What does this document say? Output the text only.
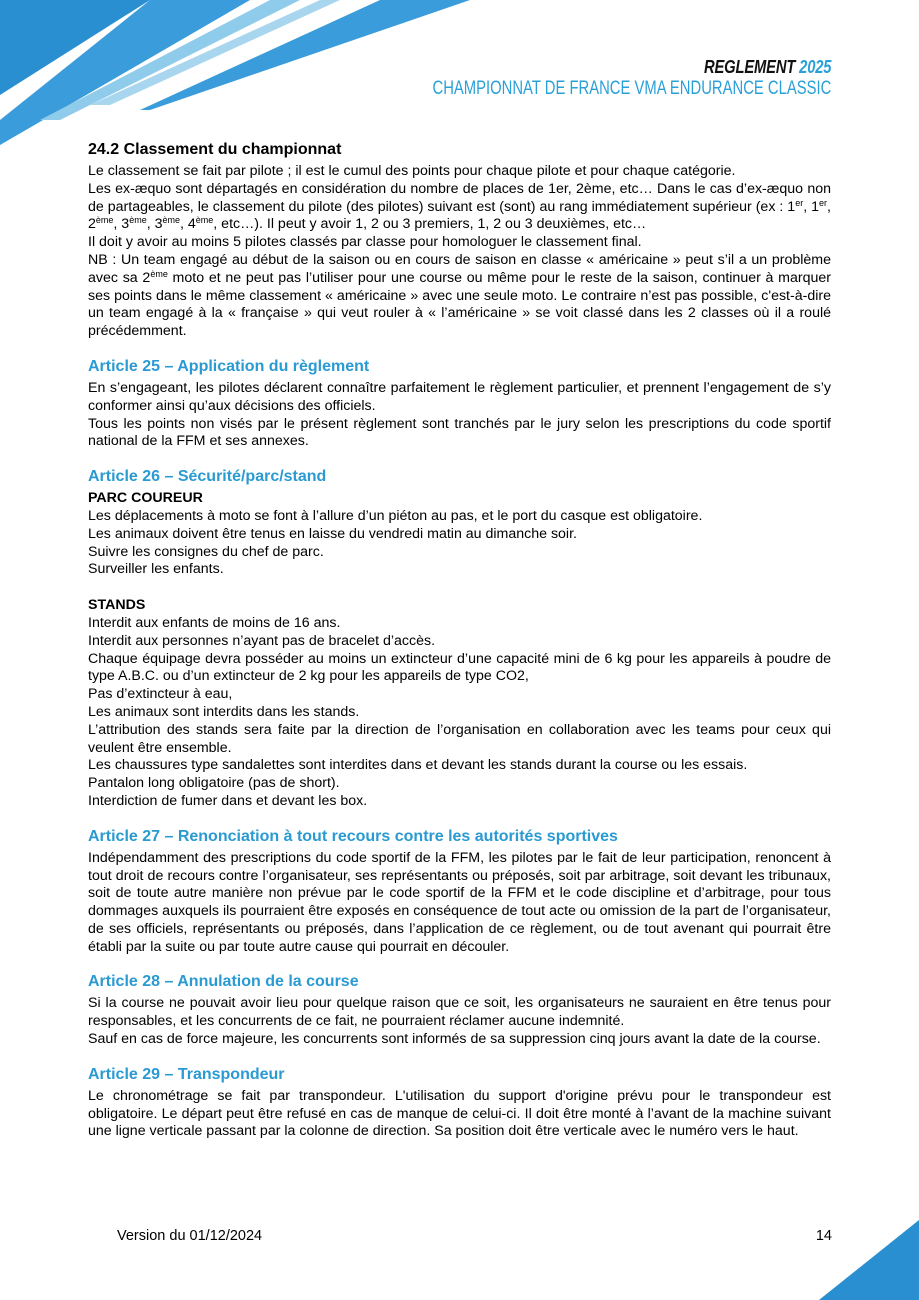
REGLEMENT 2025
CHAMPIONNAT DE FRANCE VMA ENDURANCE CLASSIC
24.2 Classement du championnat

Le classement se fait par pilote ; il est le cumul des points pour chaque pilote et pour chaque catégorie.

Les ex-æquo sont départagés en considération du nombre de places de 1er, 2ème, etc… Dans le cas d’ex-æquo non de partageables, le classement du pilote (des pilotes) suivant est (sont) au rang immédiatement supérieur (ex : 1er, 1er, 2ème, 3ème, 3ème, 4ème, etc…). Il peut y avoir 1, 2 ou 3 premiers, 1, 2 ou 3 deuxièmes, etc…

Il doit y avoir au moins 5 pilotes classés par classe pour homologuer le classement final.

NB : Un team engagé au début de la saison ou en cours de saison en classe « américaine » peut s’il a un problème avec sa 2ème moto et ne peut pas l’utiliser pour une course ou même pour le reste de la saison, continuer à marquer ses points dans le même classement « américaine » avec une seule moto. Le contraire n’est pas possible, c'est-à-dire un team engagé à la « française » qui veut rouler à « l’américaine » se voit classé dans les 2 classes où il a roulé précédemment.

Article 25 – Application du règlement

En s’engageant, les pilotes déclarent connaître parfaitement le règlement particulier, et prennent l’engagement de s’y conformer ainsi qu’aux décisions des officiels.

Tous les points non visés par le présent règlement sont tranchés par le jury selon les prescriptions du code sportif national de la FFM et ses annexes.

Article 26 – Sécurité/parc/stand

PARC COUREUR

Les déplacements à moto se font à l’allure d’un piéton au pas, et le port du casque est obligatoire.

Les animaux doivent être tenus en laisse du vendredi matin au dimanche soir.

Suivre les consignes du chef de parc.

Surveiller les enfants.

STANDS

Interdit aux enfants de moins de 16 ans.

Interdit aux personnes n’ayant pas de bracelet d’accès.

Chaque équipage devra posséder au moins un extincteur d’une capacité mini de 6 kg pour les appareils à poudre de type A.B.C. ou d’un extincteur de 2 kg pour les appareils de type CO2,

Pas d’extincteur à eau,

Les animaux sont interdits dans les stands.

L’attribution des stands sera faite par la direction de l’organisation en collaboration avec les teams pour ceux qui veulent être ensemble.

Les chaussures type sandalettes sont interdites dans et devant les stands durant la course ou les essais.

Pantalon long obligatoire (pas de short).

Interdiction de fumer dans et devant les box.

Article 27 – Renonciation à tout recours contre les autorités sportives

Indépendamment des prescriptions du code sportif de la FFM, les pilotes par le fait de leur participation, renoncent à tout droit de recours contre l’organisateur, ses représentants ou préposés, soit par arbitrage, soit devant les tribunaux, soit de toute autre manière non prévue par le code sportif de la FFM et le code discipline et d’arbitrage, pour tous dommages auxquels ils pourraient être exposés en conséquence de tout acte ou omission de la part de l’organisateur, de ses officiels, représentants ou préposés, dans l’application de ce règlement, ou de tout avenant qui pourrait être établi par la suite ou par toute autre cause qui pourrait en découler.

Article 28 – Annulation de la course

Si la course ne pouvait avoir lieu pour quelque raison que ce soit, les organisateurs ne sauraient en être tenus pour responsables, et les concurrents de ce fait, ne pourraient réclamer aucune indemnité.

Sauf en cas de force majeure, les concurrents sont informés de sa suppression cinq jours avant la date de la course.

Article 29 – Transpondeur

Le chronométrage se fait par transpondeur. L'utilisation du support d'origine prévu pour le transpondeur est obligatoire. Le départ peut être refusé en cas de manque de celui-ci. Il doit être monté à l’avant de la machine suivant une ligne verticale passant par la colonne de direction. Sa position doit être verticale avec le numéro vers le haut.

Version du 01/12/2024	14
